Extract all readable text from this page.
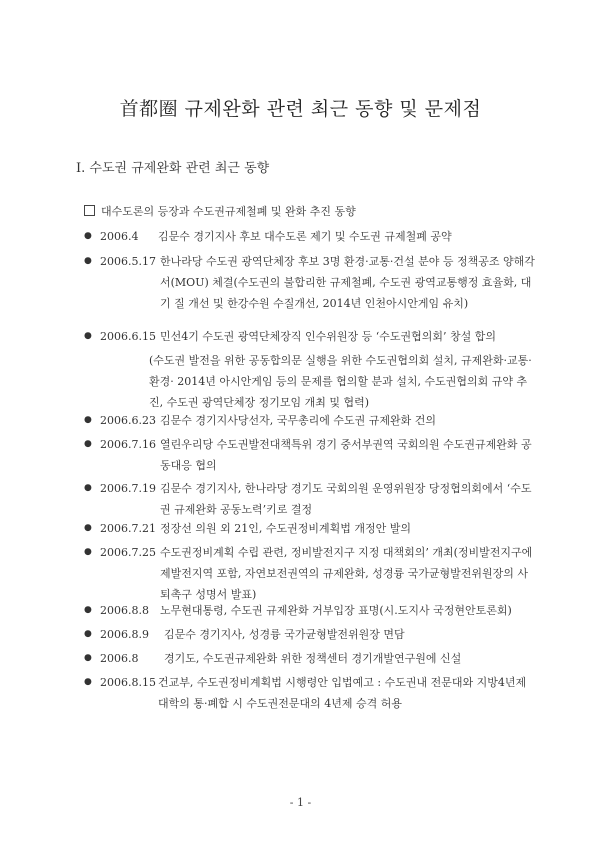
首都圈 규제완화 관련 최근 동향 및 문제점
Ⅰ. 수도권 규제완화 관련 최근 동향
대수도론의 등장과 수도권규제철폐 및 완화 추진 동향
● 2006.4	김문수 경기지사 후보 대수도론 제기 및 수도권 규제철폐 공약
● 2006.5.17 한나라당 수도권 광역단체장 후보 3명 환경·교통·건설 분야 등 정책공조 양해각서(MOU) 체결(수도권의 불합리한 규제철폐, 수도권 광역교통행정 효율화, 대기 질 개선 및 한강수원 수질개선, 2014년 인천아시안게임 유치)
● 2006.6.15 민선4기 수도권 광역단체장직 인수위원장 등 ‘수도권협의회’ 창설 합의
(수도권 발전을 위한 공동합의문 실행을 위한 수도권협의회 설치, 규제완화·교통·환경· 2014년 아시안게임 등의 문제를 협의할 분과 설치, 수도권협의회 규약 추진, 수도권 광역단체장 정기모임 개최 및 협력)
● 2006.6.23 김문수 경기지사당선자, 국무총리에 수도권 규제완화 건의
● 2006.7.16 열린우리당 수도권발전대책특위 경기 중서부권역 국회의원 수도권규제완화 공동대응 협의
● 2006.7.19 김문수 경기지사, 한나라당 경기도 국회의원 운영위원장 당정협의회에서 ‘수도권 규제완화 공동노력’키로 결정
● 2006.7.21 정장선 의원 외 21인, 수도권정비계획법 개정안 발의
● 2006.7.25 수도권정비계획 수립 관련, 정비발전지구 지정 대책회의’ 개최(정비발전지구에 제발전지역 포함, 자연보전권역의 규제완화, 성경륭 국가균형발전위원장의 사퇴촉구 성명서 발표)
● 2006.8.8	노무현대통령, 수도권 규제완화 거부입장 표명(시.도지사 국정현안토론회)
● 2006.8.9	김문수 경기지사, 성경륭 국가균형발전위원장 면담
● 2006.8	경기도, 수도권규제완화 위한 정책센터 경기개발연구원에 신설
● 2006.8.15 건교부, 수도권정비계획법 시행령안 입법예고 : 수도권내 전문대와 지방4년제 대학의 통·폐합 시 수도권전문대의 4년제 승격 허용
- 1 -
